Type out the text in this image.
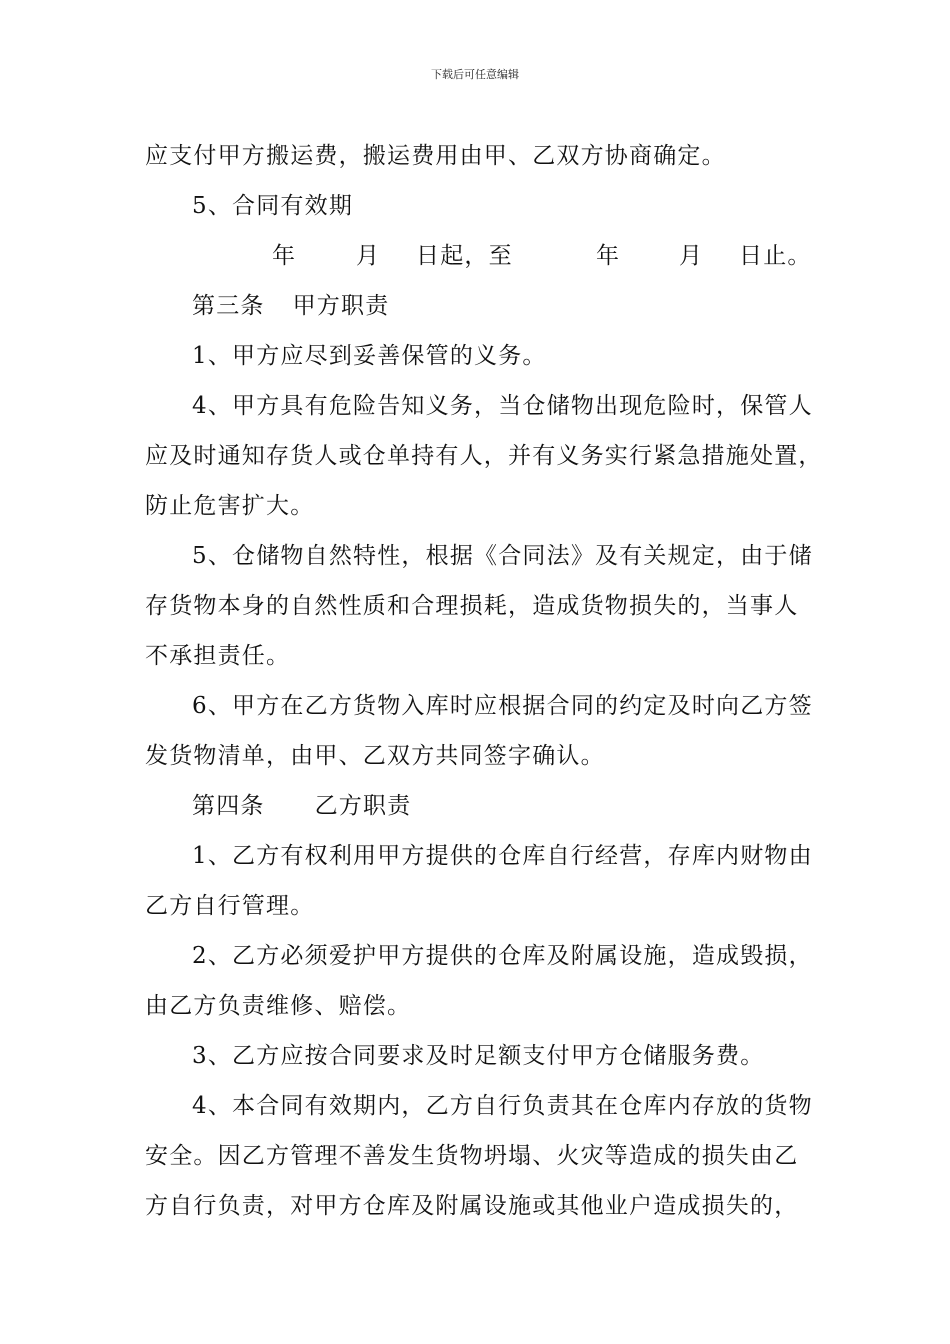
下载后可任意编辑
应支付甲方搬运费，搬运费用由甲、乙双方协商确定。
5、合同有效期
年	月 日起，至	年	月 日止。
第三条 甲方职责
1、甲方应尽到妥善保管的义务。
4、甲方具有危险告知义务，当仓储物出现危险时，保管人
应及时通知存货人或仓单持有人，并有义务实行紧急措施处置，
防止危害扩大。
5、仓储物自然特性，根据《合同法》及有关规定，由于储
存货物本身的自然性质和合理损耗，造成货物损失的，当事人
不承担责任。
6、甲方在乙方货物入库时应根据合同的约定及时向乙方签
发货物清单，由甲、乙双方共同签字确认。
第四条 乙方职责
1、乙方有权利用甲方提供的仓库自行经营，存库内财物由
乙方自行管理。
2、乙方必须爱护甲方提供的仓库及附属设施，造成毁损，
由乙方负责维修、赔偿。
3、乙方应按合同要求及时足额支付甲方仓储服务费。
4、本合同有效期内，乙方自行负责其在仓库内存放的货物
安全。因乙方管理不善发生货物坍塌、火灾等造成的损失由乙
方自行负责，对甲方仓库及附属设施或其他业户造成损失的，
